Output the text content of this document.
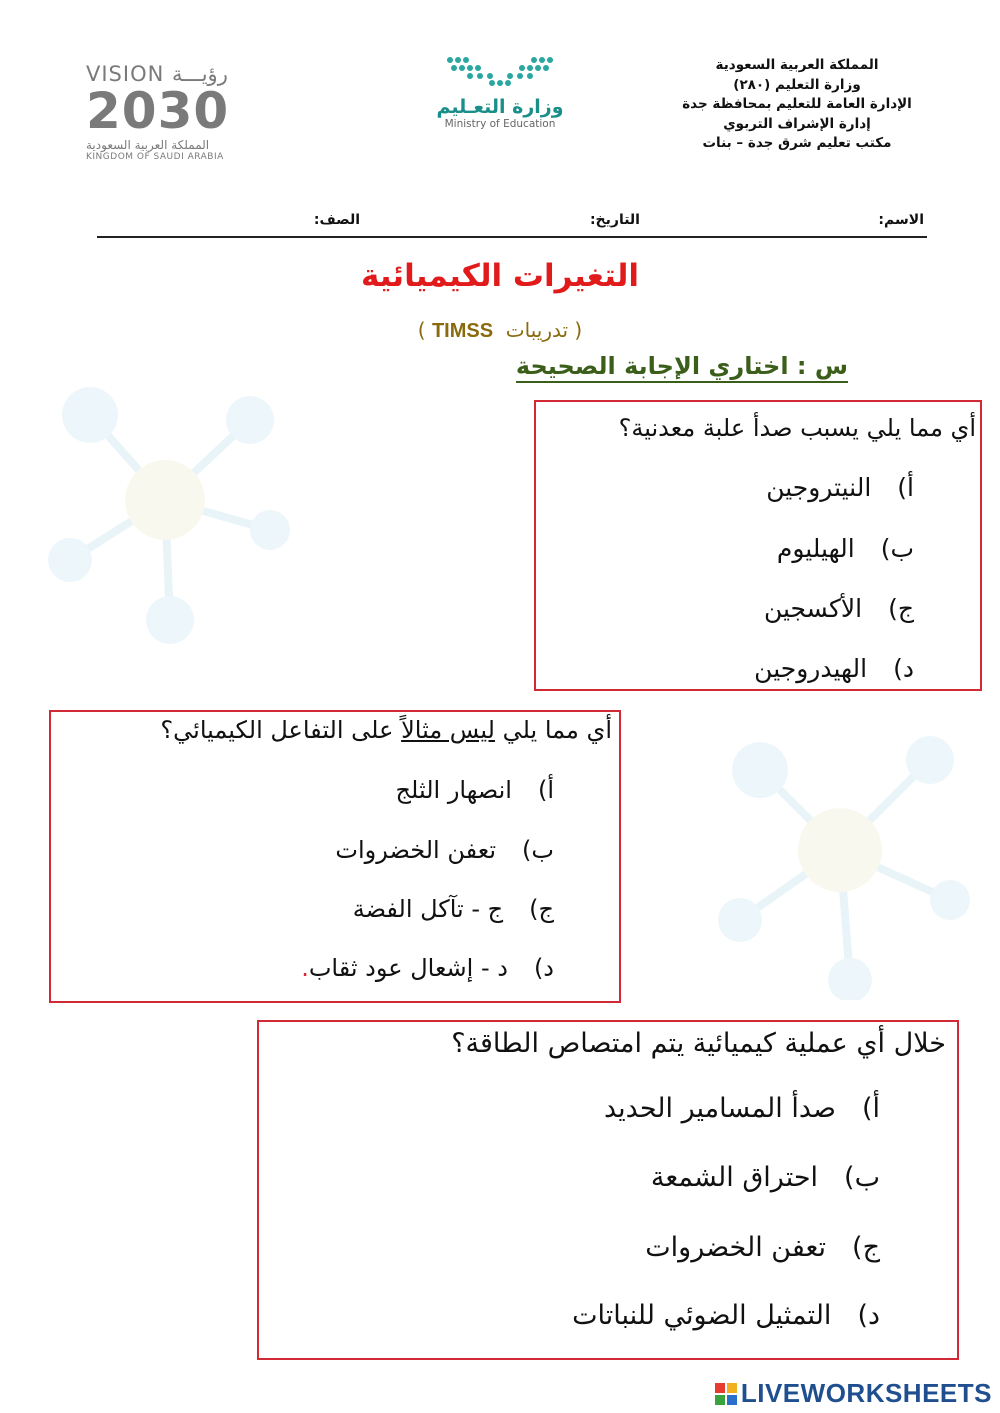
المملكة العربية السعودية
وزارة التعليم (٢٨٠)
الإدارة العامة للتعليم بمحافظة جدة
إدارة الإشراف التربوي
مكتب تعليم شرق جدة – بنات
وزارة التعـليم
Ministry of Education
VISION رؤيـــة
2030
المملكة العربية السعودية
KINGDOM OF SAUDI ARABIA
الاسم:
التاريخ:
الصف:
التغيرات الكيميائية
( تدريبات  TIMSS )
س : اختاري الإجابة الصحيحة
أي مما يلي يسبب صدأ علبة معدنية؟
أ)النيتروجين
ب)الهيليوم
ج)الأكسجين
د)الهيدروجين
أي مما يلي ليس مثالاً على التفاعل الكيميائي؟
أ)انصهار الثلج
ب)تعفن الخضروات
ج)ج - تآكل الفضة
د)د - إشعال عود ثقاب.
خلال أي عملية كيميائية يتم امتصاص الطاقة؟
أ)صدأ المسامير الحديد
ب)احتراق الشمعة
ج)تعفن الخضروات
د)التمثيل الضوئي للنباتات
LIVEWORKSHEETS
